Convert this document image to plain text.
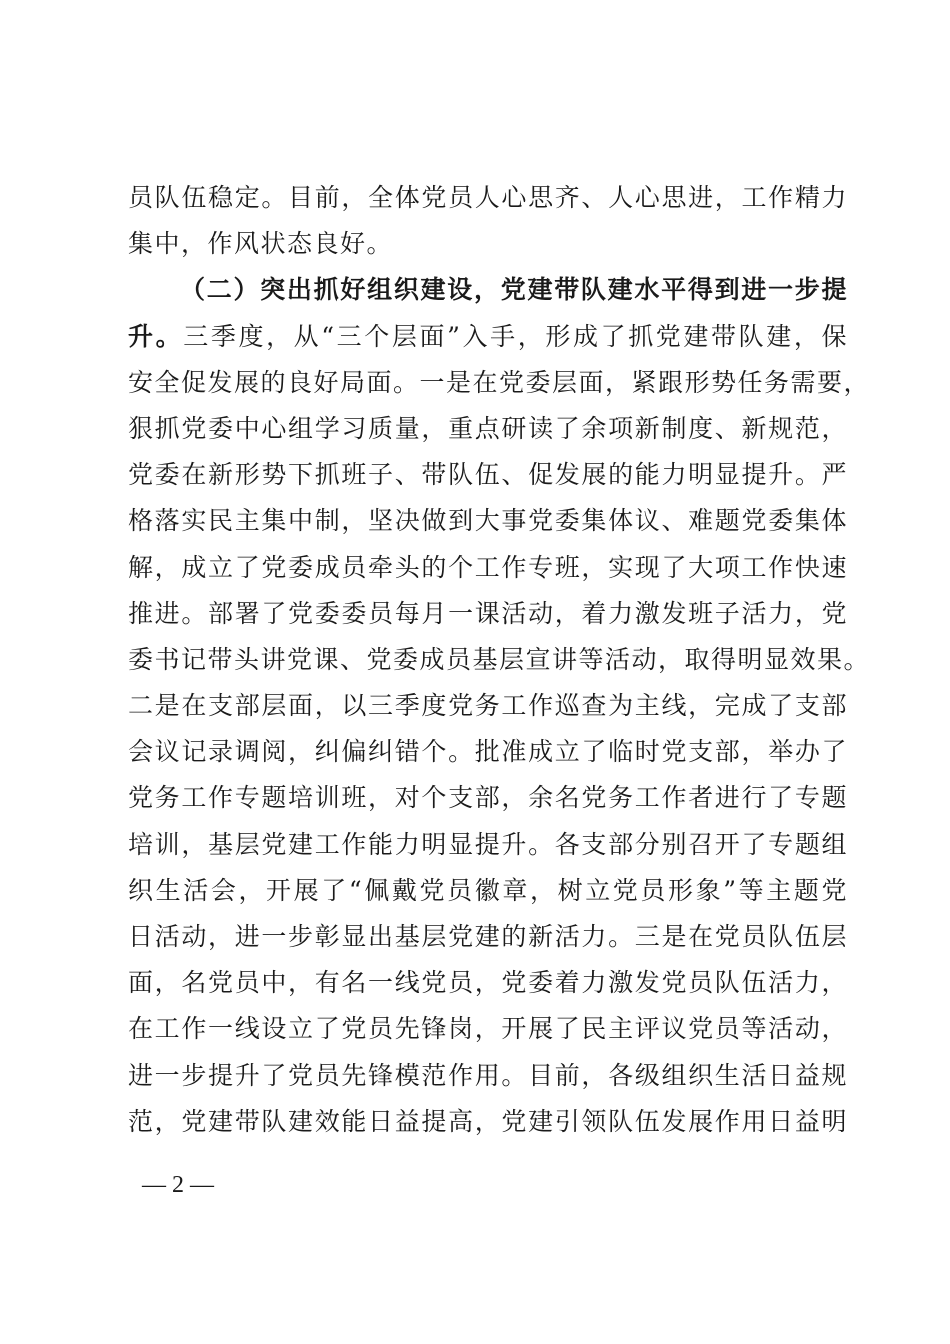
员队伍稳定。目前，全体党员人心思齐、人心思进，工作精力
集中，作风状态良好。
（二）突出抓好组织建设，党建带队建水平得到进一步提
升。三季度，从“三个层面”入手，形成了抓党建带队建，保
安全促发展的良好局面。一是在党委层面，紧跟形势任务需要，
狠抓党委中心组学习质量，重点研读了余项新制度、新规范，
党委在新形势下抓班子、带队伍、促发展的能力明显提升。严
格落实民主集中制，坚决做到大事党委集体议、难题党委集体
解，成立了党委成员牵头的个工作专班，实现了大项工作快速
推进。部署了党委委员每月一课活动，着力激发班子活力，党
委书记带头讲党课、党委成员基层宣讲等活动，取得明显效果。
二是在支部层面，以三季度党务工作巡查为主线，完成了支部
会议记录调阅，纠偏纠错个。批准成立了临时党支部，举办了
党务工作专题培训班，对个支部，余名党务工作者进行了专题
培训，基层党建工作能力明显提升。各支部分别召开了专题组
织生活会，开展了“佩戴党员徽章，树立党员形象”等主题党
日活动，进一步彰显出基层党建的新活力。三是在党员队伍层
面，名党员中，有名一线党员，党委着力激发党员队伍活力，
在工作一线设立了党员先锋岗，开展了民主评议党员等活动，
进一步提升了党员先锋模范作用。目前，各级组织生活日益规
范，党建带队建效能日益提高，党建引领队伍发展作用日益明
— 2 —
